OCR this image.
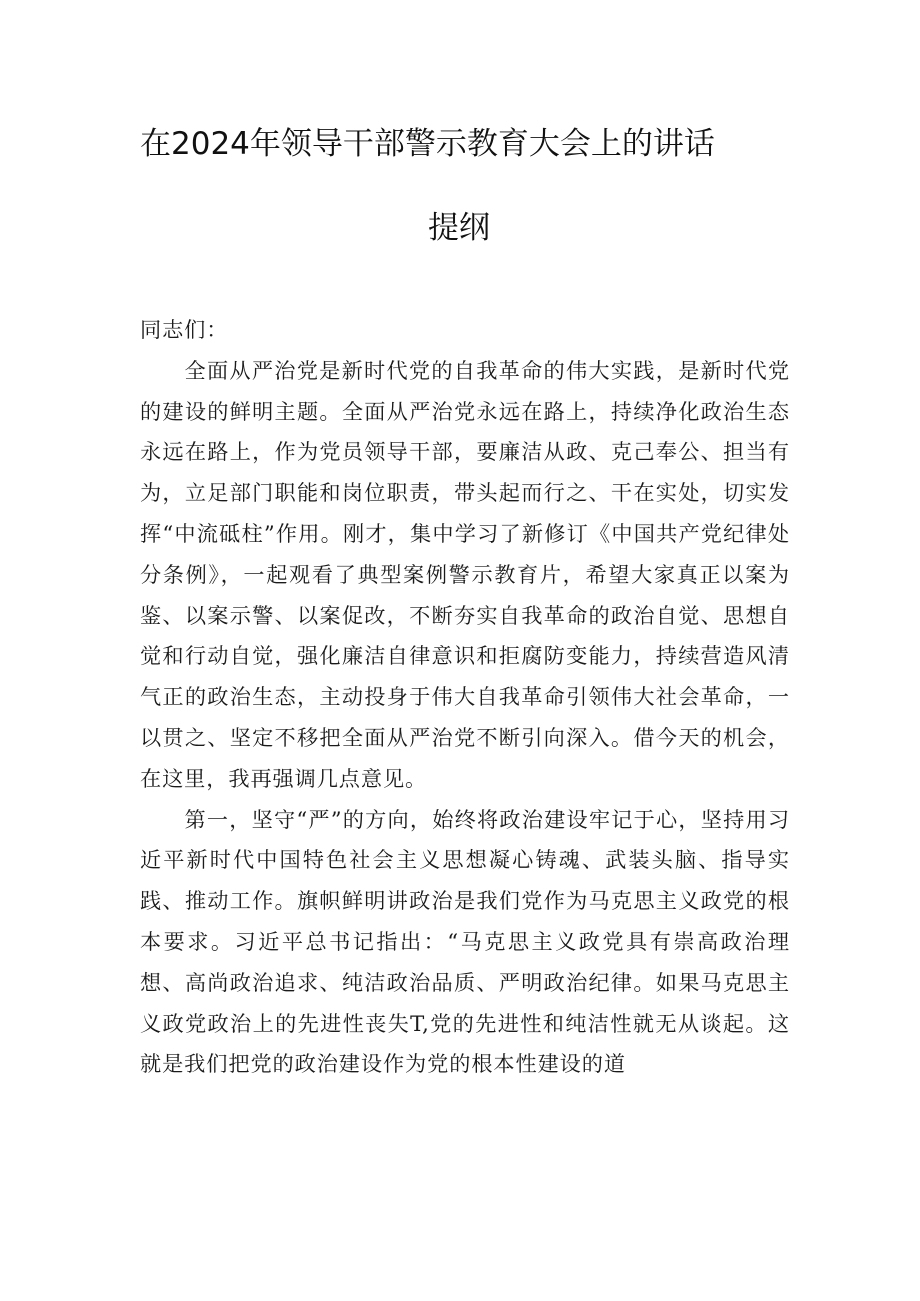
在2024年领导干部警示教育大会上的讲话
提纲

同志们：

全面从严治党是新时代党的自我革命的伟大实践，是新时代党的建设的鲜明主题。全面从严治党永远在路上，持续净化政治生态永远在路上，作为党员领导干部，要廉洁从政、克己奉公、担当有为，立足部门职能和岗位职责，带头起而行之、干在实处，切实发挥“中流砥柱”作用。刚才，集中学习了新修订《中国共产党纪律处分条例》，一起观看了典型案例警示教育片，希望大家真正以案为鉴、以案示警、以案促改，不断夯实自我革命的政治自觉、思想自觉和行动自觉，强化廉洁自律意识和拒腐防变能力，持续营造风清气正的政治生态，主动投身于伟大自我革命引领伟大社会革命，一以贯之、坚定不移把全面从严治党不断引向深入。借今天的机会，在这里，我再强调几点意见。

第一，坚守“严”的方向，始终将政治建设牢记于心，坚持用习近平新时代中国特色社会主义思想凝心铸魂、武装头脑、指导实践、推动工作。旗帜鲜明讲政治是我们党作为马克思主义政党的根本要求。习近平总书记指出：“马克思主义政党具有崇高政治理想、高尚政治追求、纯洁政治品质、严明政治纪律。如果马克思主义政党政治上的先进性丧失T,党的先进性和纯洁性就无从谈起。这就是我们把党的政治建设作为党的根本性建设的道
